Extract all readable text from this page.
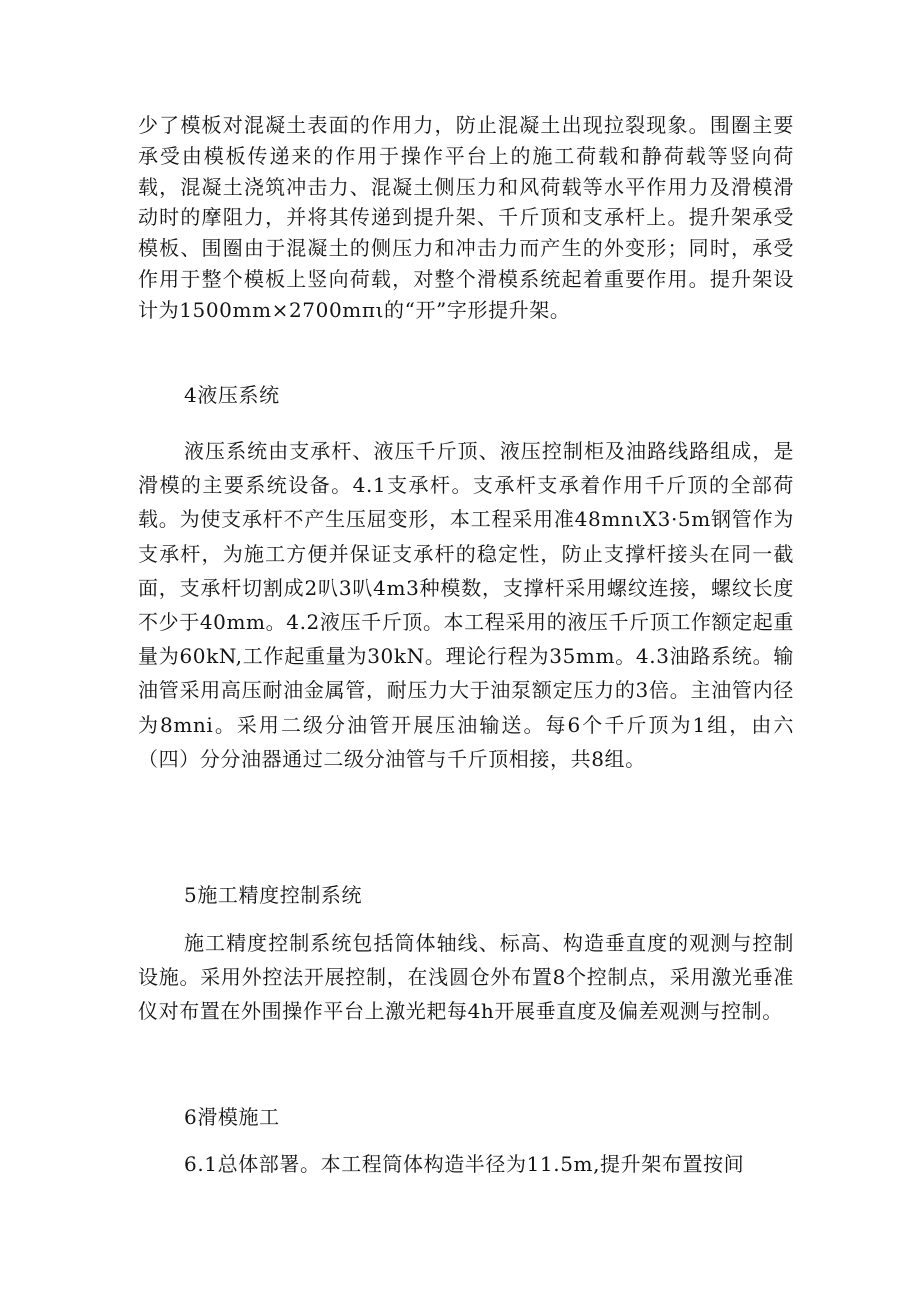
少了模板对混凝土表面的作用力，防止混凝土出现拉裂现象。围圈主要承受由模板传递来的作用于操作平台上的施工荷载和静荷载等竖向荷载，混凝土浇筑冲击力、混凝土侧压力和风荷载等水平作用力及滑模滑动时的摩阻力，并将其传递到提升架、千斤顶和支承杆上。提升架承受模板、围圈由于混凝土的侧压力和冲击力而产生的外变形；同时，承受作用于整个模板上竖向荷载，对整个滑模系统起着重要作用。提升架设计为1500mm×2700mπι的“开”字形提升架。

4液压系统

液压系统由支承杆、液压千斤顶、液压控制柜及油路线路组成，是滑模的主要系统设备。4.1支承杆。支承杆支承着作用千斤顶的全部荷载。为使支承杆不产生压屈变形，本工程采用准48mnιX3·5m钢管作为支承杆，为施工方便并保证支承杆的稳定性，防止支撑杆接头在同一截面，支承杆切割成2叭3叭4m3种模数，支撑杆采用螺纹连接，螺纹长度不少于40mm。4.2液压千斤顶。本工程采用的液压千斤顶工作额定起重量为60kN,工作起重量为30kN。理论行程为35mm。4.3油路系统。输油管采用高压耐油金属管，耐压力大于油泵额定压力的3倍。主油管内径为8mni。采用二级分油管开展压油输送。每6个千斤顶为1组，由六（四）分分油器通过二级分油管与千斤顶相接，共8组。

5施工精度控制系统

施工精度控制系统包括筒体轴线、标高、构造垂直度的观测与控制设施。采用外控法开展控制，在浅圆仓外布置8个控制点，采用激光垂准仪对布置在外围操作平台上激光耙每4h开展垂直度及偏差观测与控制。

6滑模施工

6.1总体部署。本工程筒体构造半径为11.5m,提升架布置按间
